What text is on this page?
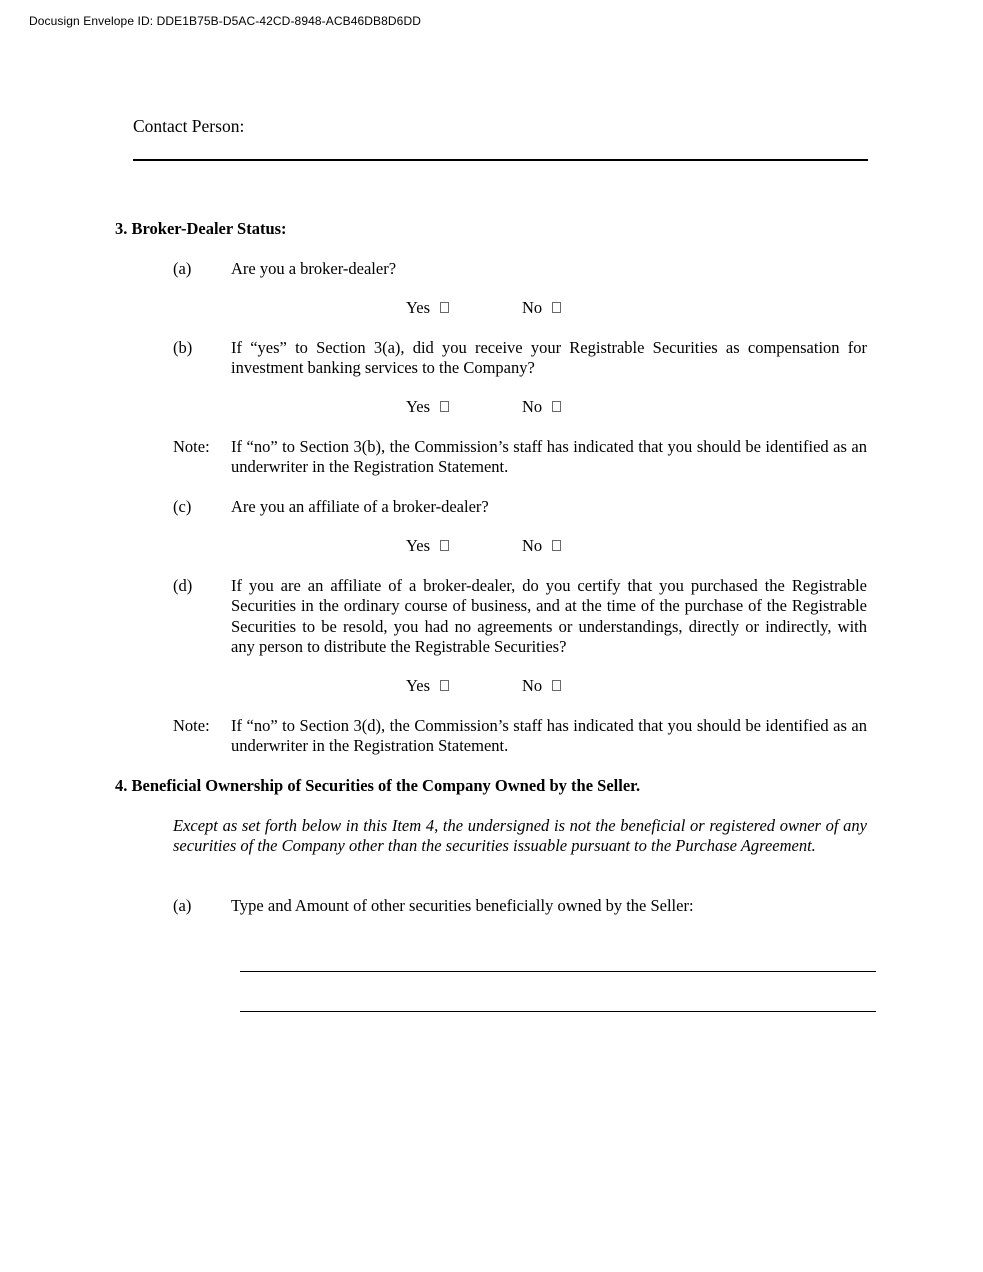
Docusign Envelope ID: DDE1B75B-D5AC-42CD-8948-ACB46DB8D6DD
Contact Person:
3. Broker-Dealer Status:
(a)	Are you a broker-dealer?
Yes	No
(b)	If “yes” to Section 3(a), did you receive your Registrable Securities as compensation for investment banking services to the Company?
Yes	No
Note:	If “no” to Section 3(b), the Commission’s staff has indicated that you should be identified as an underwriter in the Registration Statement.
(c)	Are you an affiliate of a broker-dealer?
Yes	No
(d)	If you are an affiliate of a broker-dealer, do you certify that you purchased the Registrable Securities in the ordinary course of business, and at the time of the purchase of the Registrable Securities to be resold, you had no agreements or understandings, directly or indirectly, with any person to distribute the Registrable Securities?
Yes	No
Note:	If “no” to Section 3(d), the Commission’s staff has indicated that you should be identified as an underwriter in the Registration Statement.
4. Beneficial Ownership of Securities of the Company Owned by the Seller.
Except as set forth below in this Item 4, the undersigned is not the beneficial or registered owner of any securities of the Company other than the securities issuable pursuant to the Purchase Agreement.
(a)	Type and Amount of other securities beneficially owned by the Seller:
